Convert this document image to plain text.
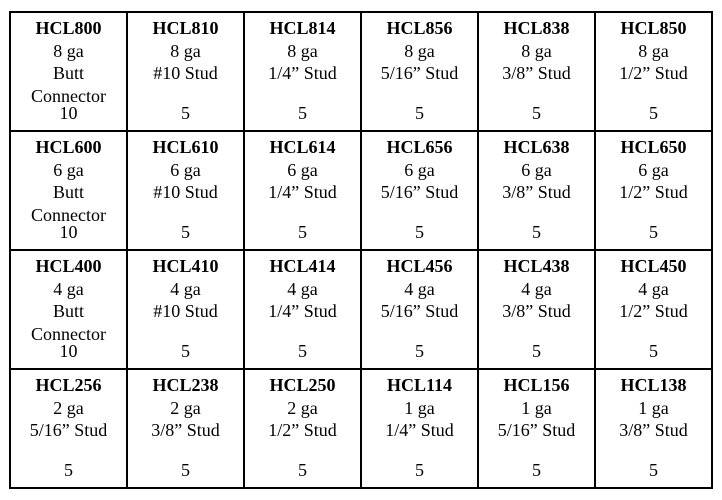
HCL800
8 ga
Butt
Connector
10
HCL810
8 ga
#10 Stud
5
HCL814
8 ga
1/4” Stud
5
HCL856
8 ga
5/16” Stud
5
HCL838
8 ga
3/8” Stud
5
HCL850
8 ga
1/2” Stud
5
HCL600
6 ga
Butt
Connector
10
HCL610
6 ga
#10 Stud
5
HCL614
6 ga
1/4” Stud
5
HCL656
6 ga
5/16” Stud
5
HCL638
6 ga
3/8” Stud
5
HCL650
6 ga
1/2” Stud
5
HCL400
4 ga
Butt
Connector
10
HCL410
4 ga
#10 Stud
5
HCL414
4 ga
1/4” Stud
5
HCL456
4 ga
5/16” Stud
5
HCL438
4 ga
3/8” Stud
5
HCL450
4 ga
1/2” Stud
5
HCL256
2 ga
5/16” Stud
5
HCL238
2 ga
3/8” Stud
5
HCL250
2 ga
1/2” Stud
5
HCL114
1 ga
1/4” Stud
5
HCL156
1 ga
5/16” Stud
5
HCL138
1 ga
3/8” Stud
5
